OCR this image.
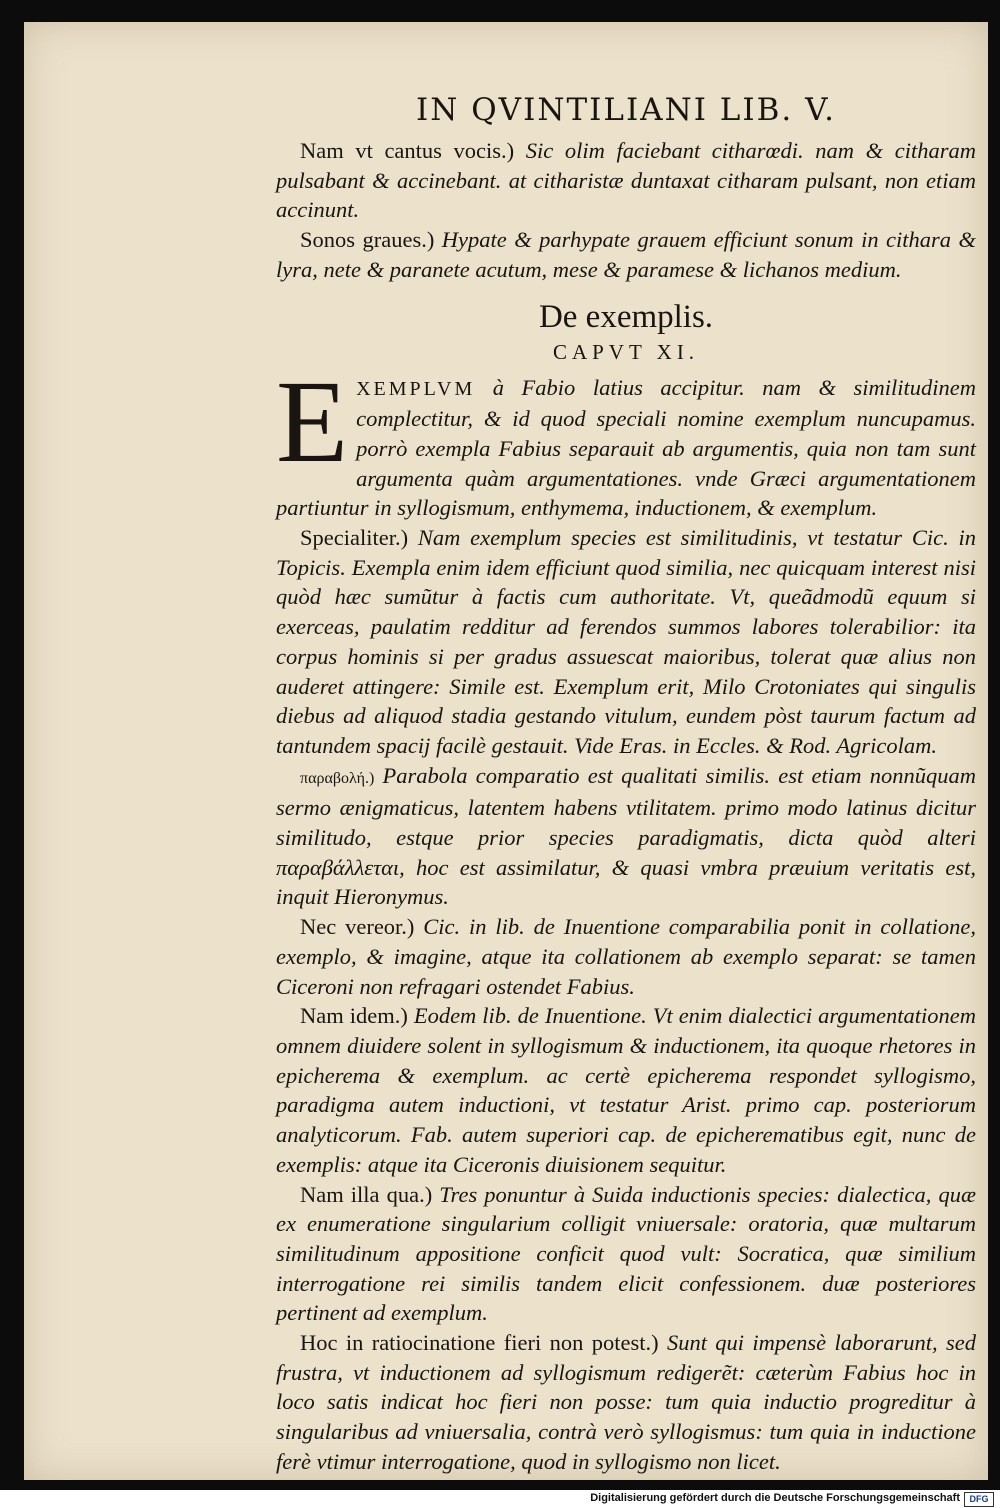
IN QVINTILIANI LIB. V.

Nam vt cantus vocis.) Sic olim faciebant citharœdi. nam & citharam pulsabant & accinebant. at citharistæ duntaxat citharam pulsant, non etiam accinunt.

Sonos graues.) Hypate & parhypate grauem efficiunt sonum in cithara & lyra, nete & paranete acutum, mese & paramese & lichanos medium.

De exemplis.
CAPVT XI.

EXEMPLVM à Fabio latius accipitur. nam & similitudinem complectitur, & id quod speciali nomine exemplum nuncupamus. porrò exempla Fabius separauit ab argumentis, quia non tam sunt argumenta quàm argumentationes. vnde Græci argumentationem partiuntur in syllogismum, enthymema, inductionem, & exemplum.

Specialiter.) Nam exemplum species est similitudinis, vt testatur Cic. in Topicis. Exempla enim idem efficiunt quod similia, nec quicquam interest nisi quòd hæc sumũtur à factis cum authoritate. Vt, queãdmodũ equum si exerceas, paulatim redditur ad ferendos summos labores tolerabilior: ita corpus hominis si per gradus assuescat maioribus, tolerat quæ alius non auderet attingere: Simile est. Exemplum erit, Milo Crotoniates qui singulis diebus ad aliquod stadia gestando vitulum, eundem pòst taurum factum ad tantundem spacij facilè gestauit. Vide Eras. in Eccles. & Rod. Agricolam.

παραβολή.) Parabola comparatio est qualitati similis. est etiam nonnũquam sermo ænigmaticus, latentem habens vtilitatem. primo modo latinus dicitur similitudo, estque prior species paradigmatis, dicta quòd alteri παραβάλλεται, hoc est assimilatur, & quasi vmbra præuium veritatis est, inquit Hieronymus.

Nec vereor.) Cic. in lib. de Inuentione comparabilia ponit in collatione, exemplo, & imagine, atque ita collationem ab exemplo separat: se tamen Ciceroni non refragari ostendet Fabius.

Nam idem.) Eodem lib. de Inuentione. Vt enim dialectici argumentationem omnem diuidere solent in syllogismum & inductionem, ita quoque rhetores in epicherema & exemplum. ac certè epicherema respondet syllogismo, paradigma autem inductioni, vt testatur Arist. primo cap. posteriorum analyticorum. Fab. autem superiori cap. de epicherematibus egit, nunc de exemplis: atque ita Ciceronis diuisionem sequitur.

Nam illa qua.) Tres ponuntur à Suida inductionis species: dialectica, quæ ex enumeratione singularium colligit vniuersale: oratoria, quæ multarum similitudinum appositione conficit quod vult: Socratica, quæ similium interrogatione rei similis tandem elicit confessionem. duæ posteriores pertinent ad exemplum.

Hoc in ratiocinatione fieri non potest.) Sunt qui impensè laborarunt, sed frustra, vt inductionem ad syllogismum redigerẽt: cæterùm Fabius hoc in loco satis indicat hoc fieri non posse: tum quia inductio progreditur à singularibus ad vniuersalia, contrà verò syllogismus: tum quia in inductione ferè vtimur interrogatione, quod in syllogismo non licet.

Digitalisierung gefördert durch die Deutsche Forschungsgemeinschaft	DFG
